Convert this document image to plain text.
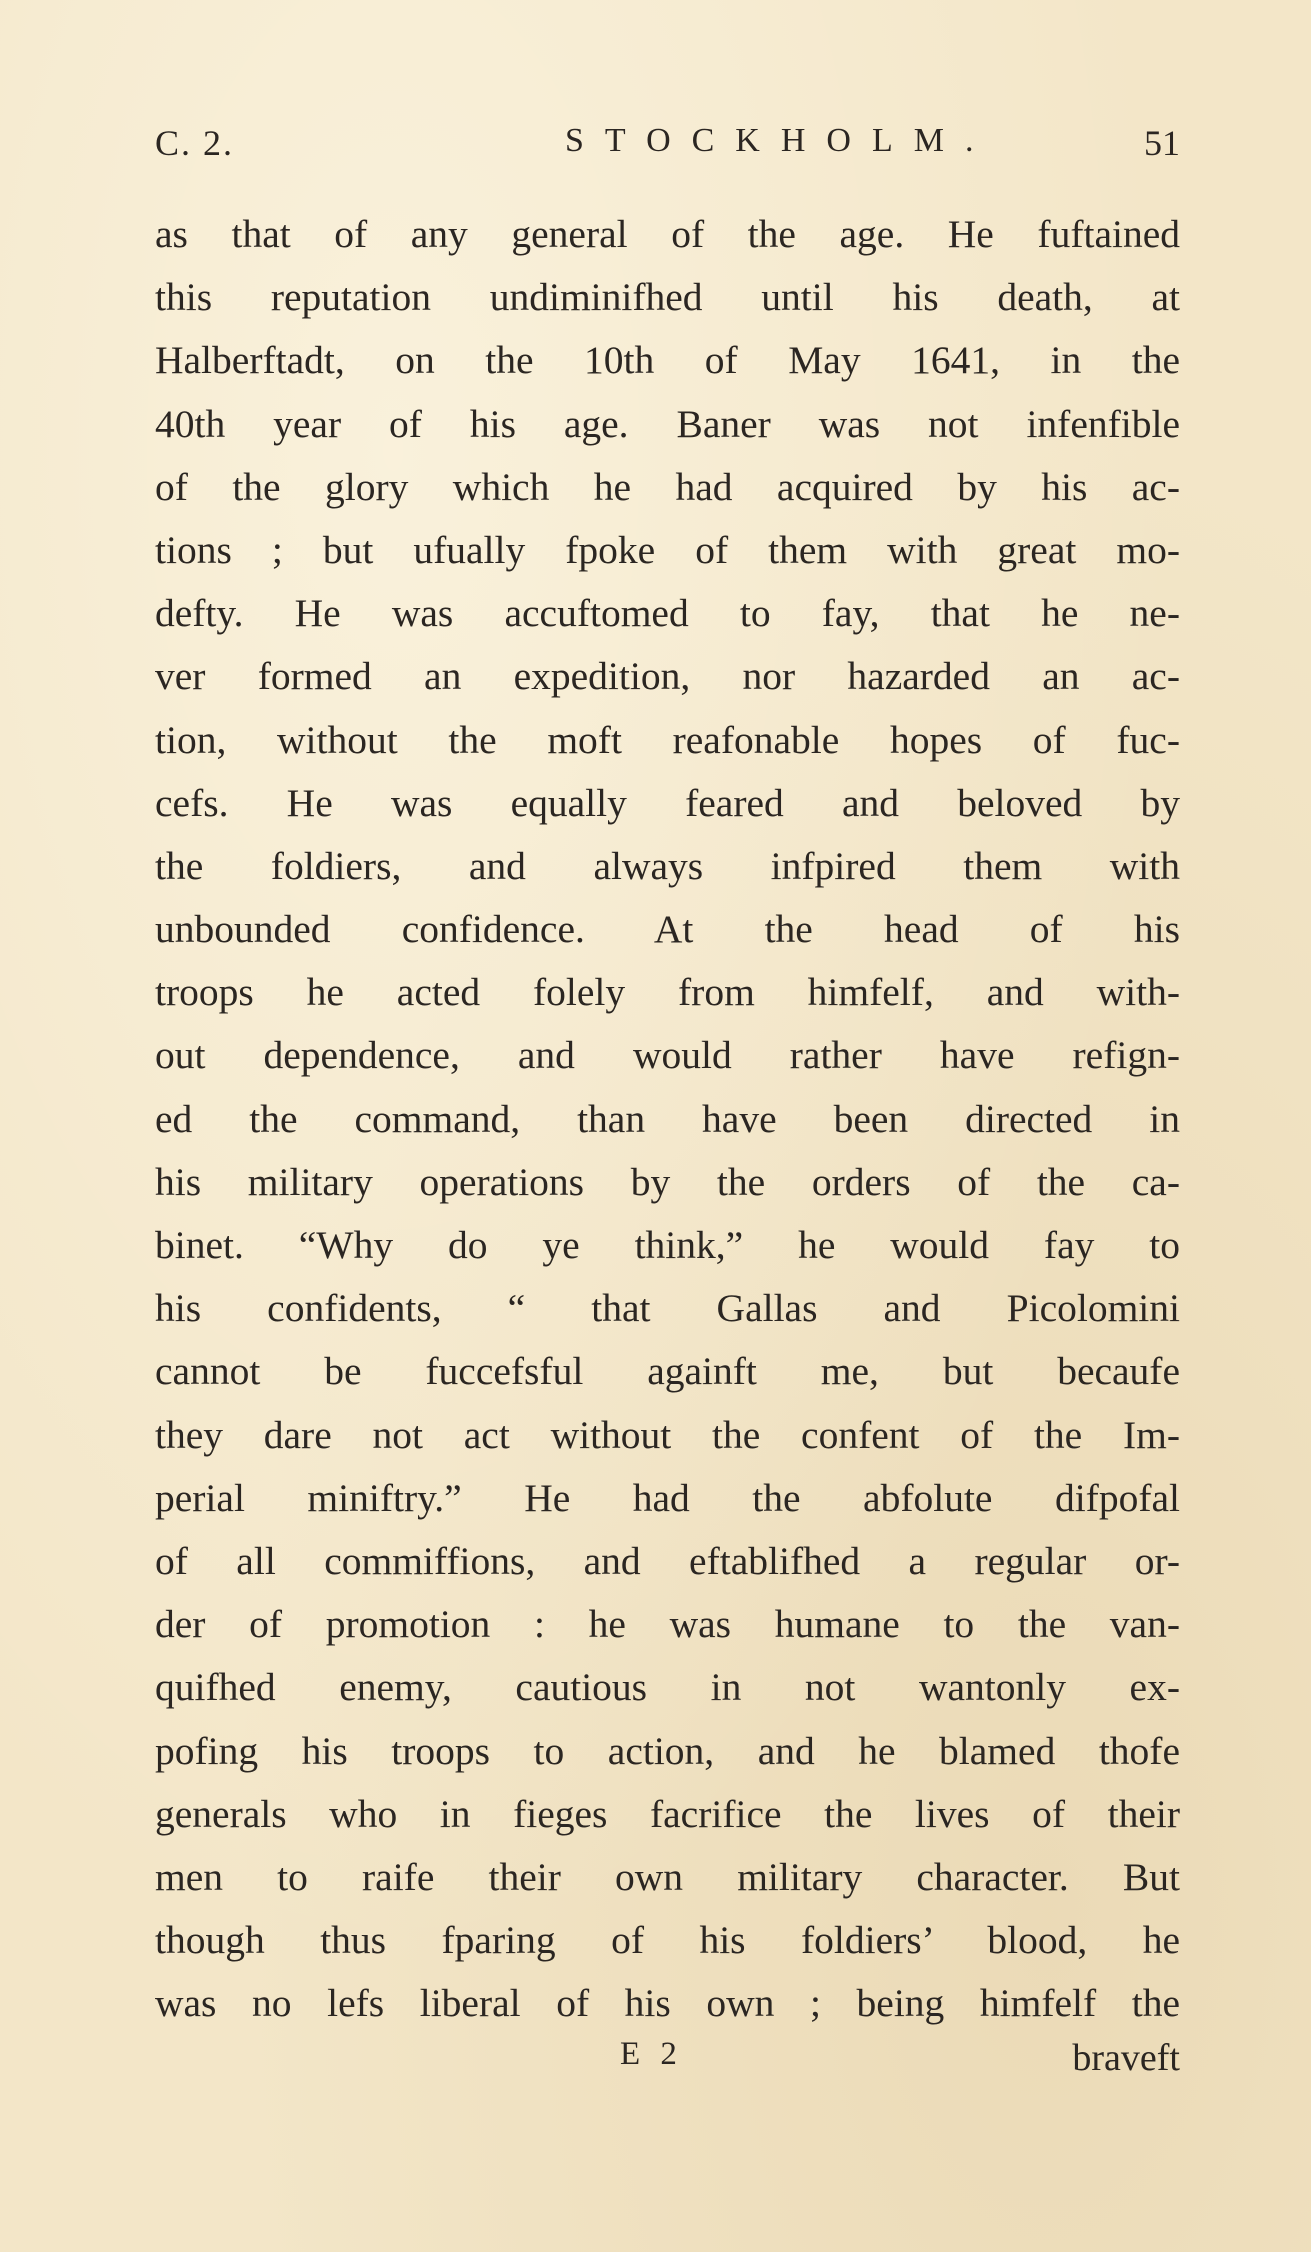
C. 2.	STOCKHOLM.	51
as that of any general of the age. He fuftained
this reputation undiminifhed until his death, at
Halberftadt, on the 10th of May 1641, in the
40th year of his age. Baner was not infenfible
of the glory which he had acquired by his ac-
tions ; but ufually fpoke of them with great mo-
defty. He was accuftomed to fay, that he ne-
ver formed an expedition, nor hazarded an ac-
tion, without the moft reafonable hopes of fuc-
cefs. He was equally feared and beloved by
the foldiers, and always infpired them with
unbounded confidence. At the head of his
troops he acted folely from himfelf, and with-
out dependence, and would rather have refign-
ed the command, than have been directed in
his military operations by the orders of the ca-
binet. “Why do ye think,” he would fay to
his confidents, “ that Gallas and Picolomini
cannot be fuccefsful againft me, but becaufe
they dare not act without the confent of the Im-
perial miniftry.” He had the abfolute difpofal
of all commiffions, and eftablifhed a regular or-
der of promotion : he was humane to the van-
quifhed enemy, cautious in not wantonly ex-
pofing his troops to action, and he blamed thofe
generals who in fieges facrifice the lives of their
men to raife their own military character. But
though thus fparing of his foldiers’ blood, he
was no lefs liberal of his own ; being himfelf the
E 2	braveft
